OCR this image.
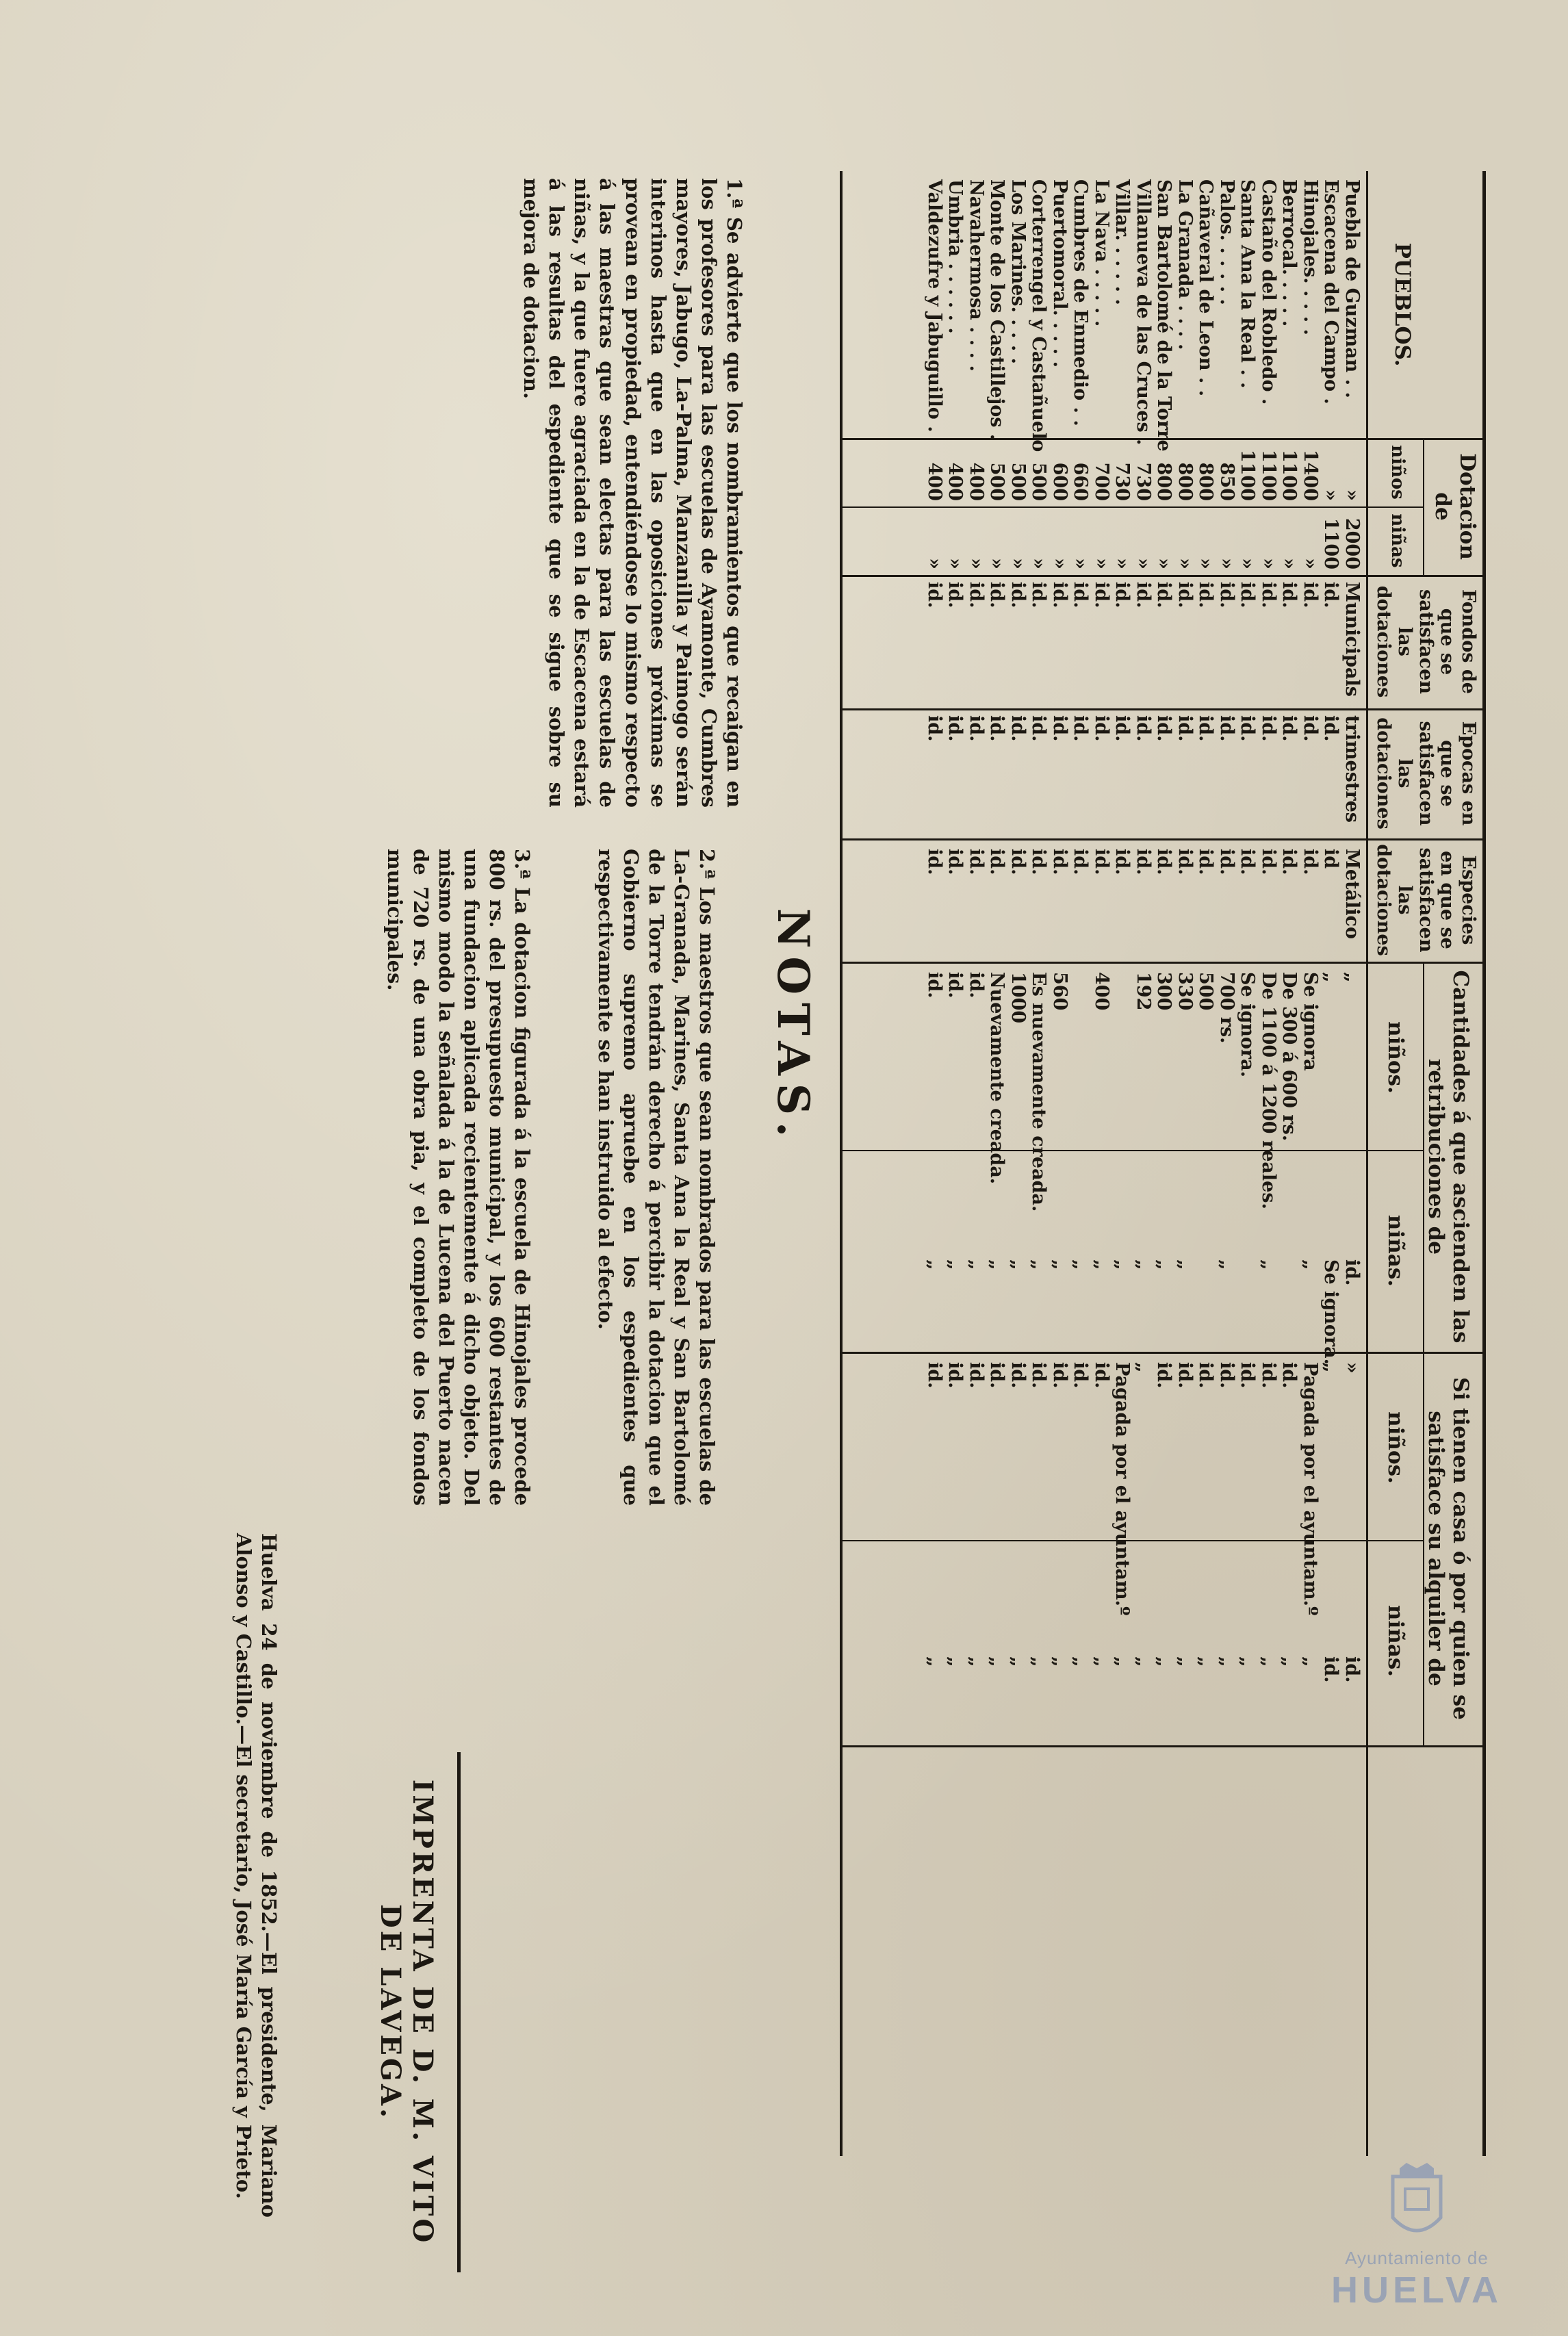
PUEBLOS.
Dotacion de
niños
niñas
Fondos de que se satisfacen las dotaciones
Epocas en que se satisfacen las dotaciones
Especies en que se satisfacen las dotaciones
Cantidades á que ascienden las retribuciones de
niños.
niñas.
Si tienen casa ó por quien se satisface su alquiler de
niños.
niñas.
Puebla de Guzman . .
Escacena del Campo .
Hinojales. . . . .
Berrocal. . . . .
Castaño del Robledo .
Santa Ana la Real . .
Palos. . . . . .
Cañaveral de Leon . .
La Granada . . . .
San Bartolomé de la Torre
Villanueva de las Cruces .
Villar. . . . . .
La Nava . . . . .
Cumbres de Enmedio . .
Puertomoral. . . . .
Corterrengel y Castañuelo
Los Marines. . . . .
Monte de los Castillejos .
Navahermosa . . . .
Umbria . . . . . .
Valdezufre y Jabuguillo .
»
»
1400
1100
1100
1100
850
800
800
800
730
730
700
660
600
500
500
500
400
400
400
2000
1100
»
»
»
»
»
»
»
»
»
»
»
»
»
»
»
»
»
»
»
Municipals
id.
id.
id.
id.
id.
id.
id.
id.
id.
id.
id.
id.
id.
id.
id.
id.
id.
id.
id.
id.
trimestres
id.
id.
id.
id.
id.
id.
id.
id.
id.
id.
id.
id.
id.
id.
id.
id.
id.
id.
id.
id.
Metálico
id
id.
id.
id.
id.
id.
id.
id.
id.
id.
id.
id.
id.
id.
id.
id.
id.
id.
id.
id.
„
„
Se ignora
De 300 á 600 rs.
De 1100 á 1200 reales.
Se ignora.
700 rs.
500
330
300
192
400
560
Es nuevamente creada.
1000
Nuevamente creada.
id.
id.
id.
id.
Se ignora.
„
„
„
„
„
„
„
„
„
„
„
„
„
„
„
„
»
„
Pagada por el ayuntam.º
id.
id.
id.
id.
id.
id.
id.
„
Pagada por el ayuntam.º
id.
id.
id.
id.
id.
id.
id.
id.
id.
id.
id.
„
„
„
„
„
„
„
„
„
„
„
„
„
„
„
„
„
„
„
NOTAS.
1.ª Se advierte que los nombramientos que recaigan en los profesores para las escuelas de Ayamonte, Cumbres mayores, Jabugo, La-Palma, Manzanilla y Paimogo serán interinos hasta que en las oposiciones próximas se provean en propiedad, entendiéndose lo mismo respecto á las maestras que sean electas para las escuelas de niñas, y la que fuere agraciada en la de Escacena estará á las resultas del espediente que se sigue sobre su mejora de dotacion.
2.ª Los maestros que sean nombrados para las escuelas de La-Granada, Marines, Santa Ana la Real y San Bartolomé de la Torre tendrán derecho á percibir la dotacion que el Gobierno supremo apruebe en los espedientes que respectivamente se han instruido al efecto.
3.ª La dotacion figurada á la escuela de Hinojales procede 800 rs. del presupuesto municipal, y los 600 restantes de una fundacion aplicada recientemente á dicho objeto. Del mismo modo la señalada á la de Lucena del Puerto nacen de 720 rs. de una obra pia, y el completo de los fondos municipales.
Huelva 24 de noviembre de 1852.—El presidente, Mariano Alonso y Castillo.—El secretario, José María García y Prieto.	IMPRENTA DE D. M. VITO DE LAVEGA.
Ayuntamiento de
HUELVA
